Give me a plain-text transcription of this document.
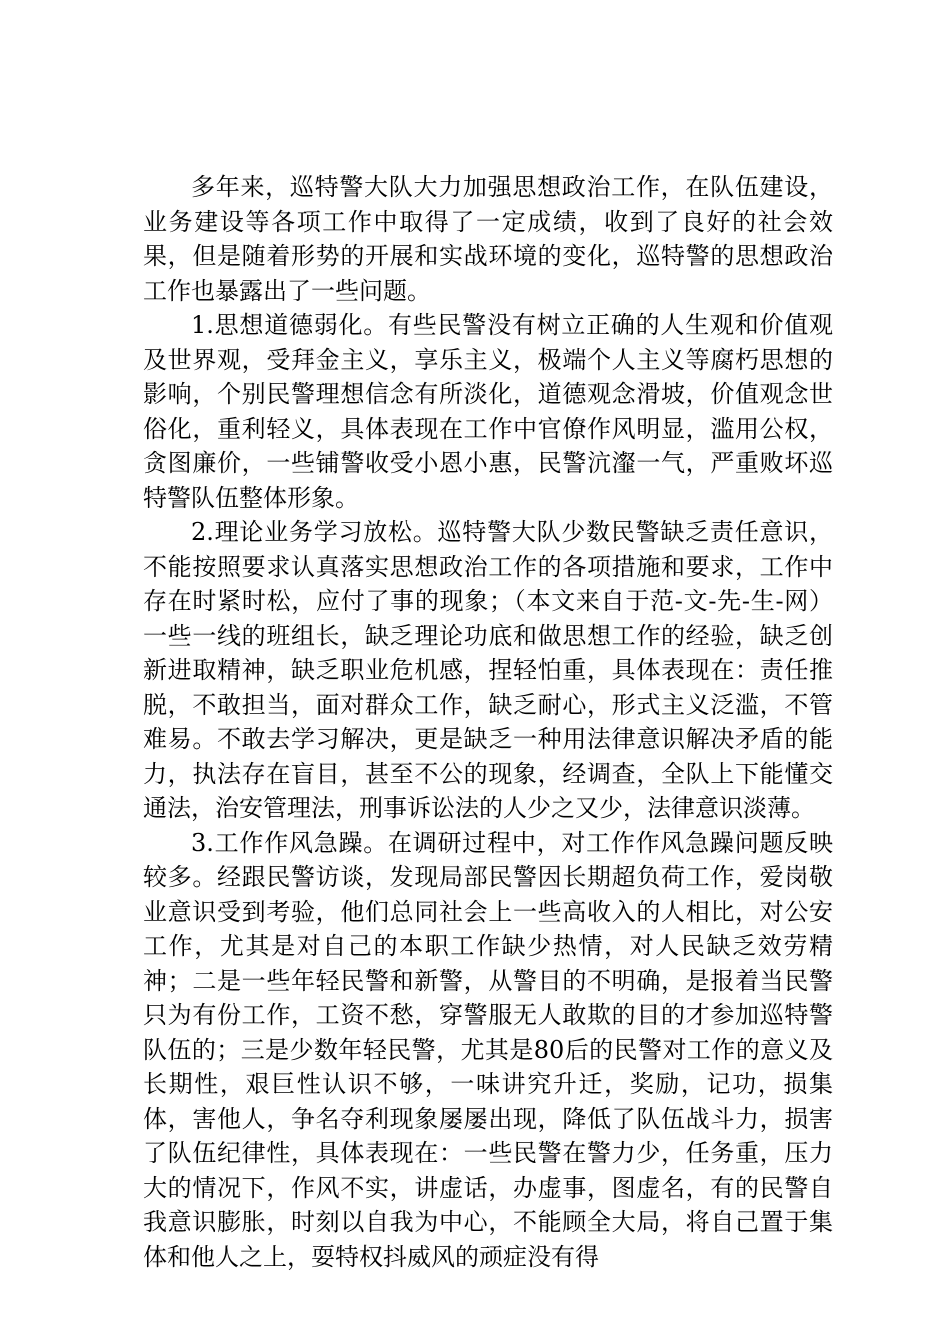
多年来，巡特警大队大力加强思想政治工作，在队伍建设，业务建设等各项工作中取得了一定成绩，收到了良好的社会效果，但是随着形势的开展和实战环境的变化，巡特警的思想政治工作也暴露出了一些问题。

1.思想道德弱化。有些民警没有树立正确的人生观和价值观及世界观，受拜金主义，享乐主义，极端个人主义等腐朽思想的影响，个别民警理想信念有所淡化，道德观念滑坡，价值观念世俗化，重利轻义，具体表现在工作中官僚作风明显，滥用公权，贪图廉价，一些铺警收受小恩小惠，民警沆瀣一气，严重败坏巡特警队伍整体形象。

2.理论业务学习放松。巡特警大队少数民警缺乏责任意识，不能按照要求认真落实思想政治工作的各项措施和要求，工作中存在时紧时松，应付了事的现象；（本文来自于范-文-先-生-网）一些一线的班组长，缺乏理论功底和做思想工作的经验，缺乏创新进取精神，缺乏职业危机感，捏轻怕重，具体表现在：责任推脱，不敢担当，面对群众工作，缺乏耐心，形式主义泛滥，不管难易。不敢去学习解决，更是缺乏一种用法律意识解决矛盾的能力，执法存在盲目，甚至不公的现象，经调查，全队上下能懂交通法，治安管理法，刑事诉讼法的人少之又少，法律意识淡薄。

3.工作作风急躁。在调研过程中，对工作作风急躁问题反映较多。经跟民警访谈，发现局部民警因长期超负荷工作，爱岗敬业意识受到考验，他们总同社会上一些高收入的人相比，对公安工作，尤其是对自己的本职工作缺少热情，对人民缺乏效劳精神；二是一些年轻民警和新警，从警目的不明确，是报着当民警只为有份工作，工资不愁，穿警服无人敢欺的目的才参加巡特警队伍的；三是少数年轻民警，尤其是80后的民警对工作的意义及长期性，艰巨性认识不够，一味讲究升迁，奖励，记功，损集体，害他人，争名夺利现象屡屡出现，降低了队伍战斗力，损害了队伍纪律性，具体表现在：一些民警在警力少，任务重，压力大的情况下，作风不实，讲虚话，办虚事，图虚名，有的民警自我意识膨胀，时刻以自我为中心，不能顾全大局，将自己置于集体和他人之上，耍特权抖威风的顽症没有得
